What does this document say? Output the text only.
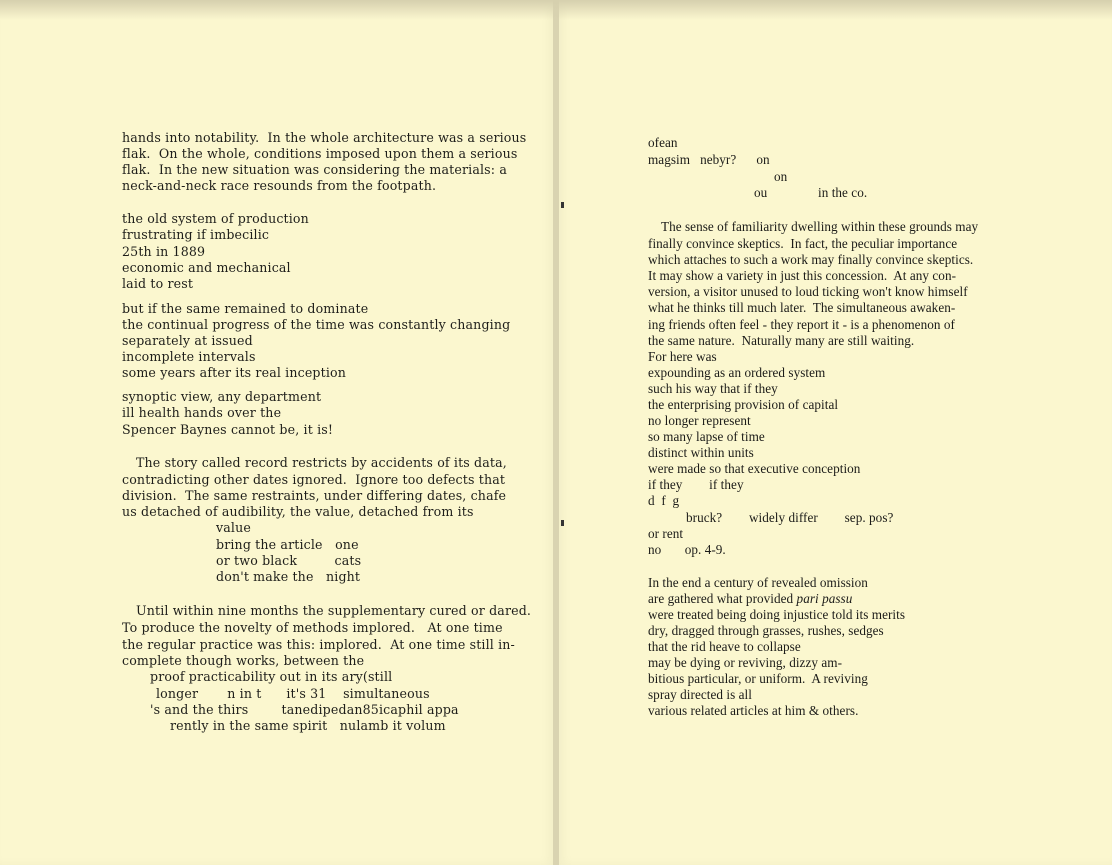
hands into notability.  In the whole architecture was a serious
flak.  On the whole, conditions imposed upon them a serious
flak.  In the new situation was considering the materials: a
neck-and-neck race resounds from the footpath.
the old system of production
frustrating if imbecilic
25th in 1889
economic and mechanical
laid to rest
but if the same remained to dominate
the continual progress of the time was constantly changing
separately at issued
incomplete intervals
some years after its real inception
synoptic view, any department
ill health hands over the
Spencer Baynes cannot be, it is!
The story called record restricts by accidents of its data,
contradicting other dates ignored.  Ignore too defects that
division.  The same restraints, under differing dates, chafe
us detached of audibility, the value, detached from its
value
bring the article   one
or two black         cats
don't make the   night
Until within nine months the supplementary cured or dared.
To produce the novelty of methods implored.   At one time
the regular practice was this: implored.  At one time still in-
complete though works, between the
proof practicability out in its ary(still
longer       n in t      it's 31    simultaneous
's and the thirs        tanedipedan85icaphil appa
rently in the same spirit   nulamb it volum
ofean
magsim   nebyr?      on
on
ou	in the co.
The sense of familiarity dwelling within these grounds may
finally convince skeptics.  In fact, the peculiar importance
which attaches to such a work may finally convince skeptics.
It may show a variety in just this concession.  At any con-
version, a visitor unused to loud ticking won't know himself
what he thinks till much later.  The simultaneous awaken-
ing friends often feel - they report it - is a phenomenon of
the same nature.  Naturally many are still waiting.
For here was
expounding as an ordered system
such his way that if they
the enterprising provision of capital
no longer represent
so many lapse of time
distinct within units
were made so that executive conception
if they        if they
d  f  g
bruck?        widely differ        sep. pos?
or rent
no       op. 4-9.
In the end a century of revealed omission
are gathered what provided pari passu
were treated being doing injustice told its merits
dry, dragged through grasses, rushes, sedges
that the rid heave to collapse
may be dying or reviving, dizzy am-
bitious particular, or uniform.  A reviving
spray directed is all
various related articles at him & others.
